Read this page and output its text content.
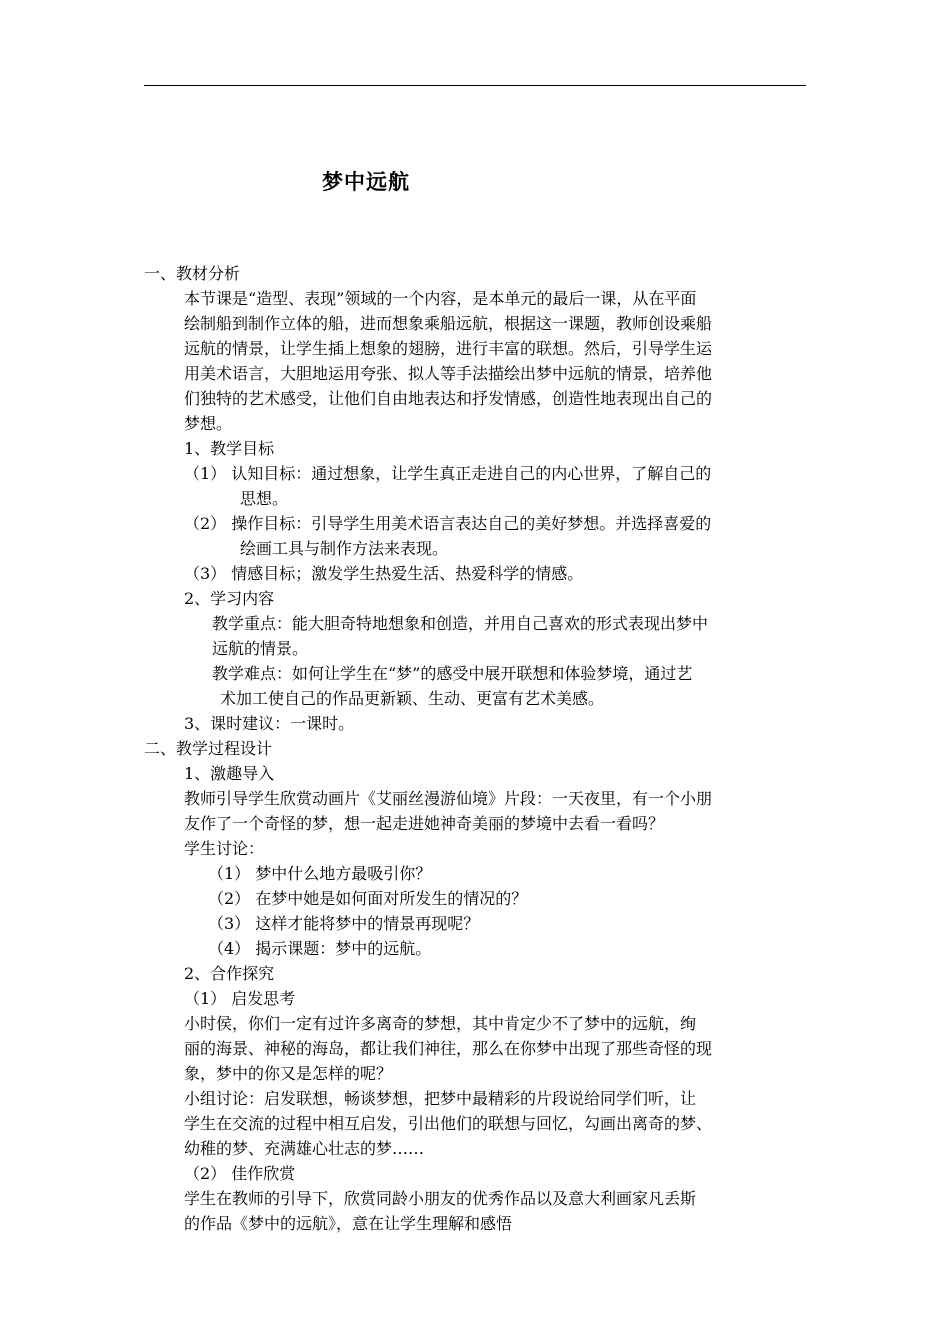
梦中远航
一、教材分析
本节课是“造型、表现”领域的一个内容，是本单元的最后一课，从在平面
绘制船到制作立体的船，进而想象乘船远航，根据这一课题，教师创设乘船
远航的情景，让学生插上想象的翅膀，进行丰富的联想。然后，引导学生运
用美术语言，大胆地运用夸张、拟人等手法描绘出梦中远航的情景，培养他
们独特的艺术感受，让他们自由地表达和抒发情感，创造性地表现出自己的
梦想。
1、教学目标
（1） 认知目标：通过想象，让学生真正走进自己的内心世界，了解自己的
思想。
（2） 操作目标：引导学生用美术语言表达自己的美好梦想。并选择喜爱的
绘画工具与制作方法来表现。
（3） 情感目标；激发学生热爱生活、热爱科学的情感。
2、学习内容
教学重点：能大胆奇特地想象和创造，并用自己喜欢的形式表现出梦中
远航的情景。
教学难点：如何让学生在“梦”的感受中展开联想和体验梦境，通过艺
术加工使自己的作品更新颖、生动、更富有艺术美感。
3、课时建议：一课时。
二、教学过程设计
1、激趣导入
教师引导学生欣赏动画片《艾丽丝漫游仙境》片段：一天夜里，有一个小朋
友作了一个奇怪的梦，想一起走进她神奇美丽的梦境中去看一看吗？
学生讨论：
（1） 梦中什么地方最吸引你？
（2） 在梦中她是如何面对所发生的情况的？
（3） 这样才能将梦中的情景再现呢？
（4） 揭示课题：梦中的远航。
2、合作探究
（1） 启发思考
小时侯，你们一定有过许多离奇的梦想，其中肯定少不了梦中的远航，绚
丽的海景、神秘的海岛，都让我们神往，那么在你梦中出现了那些奇怪的现
象，梦中的你又是怎样的呢？
小组讨论：启发联想，畅谈梦想，把梦中最精彩的片段说给同学们听，让
学生在交流的过程中相互启发，引出他们的联想与回忆，勾画出离奇的梦、
幼稚的梦、充满雄心壮志的梦……
（2） 佳作欣赏
学生在教师的引导下，欣赏同龄小朋友的优秀作品以及意大利画家凡丢斯
的作品《梦中的远航》，意在让学生理解和感悟
